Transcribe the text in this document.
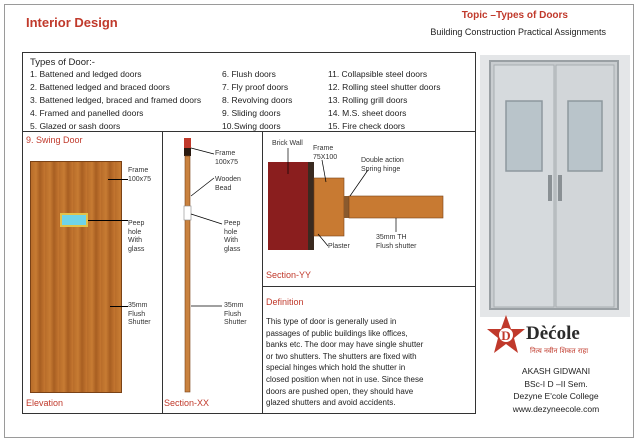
Interior Design	Topic –Types of Doors
Building Construction Practical Assignments
Types of Door:-
1. Battened and ledged doors
2. Battened ledged and braced doors
3. Battened ledged, braced and framed doors
4. Framed and panelled doors
5. Glazed or sash doors
6. Flush doors
7. Fly proof doors
8. Revolving doors
9. Sliding doors
10.Swing doors
11. Collapsible steel doors
12. Rolling steel shutter doors
13. Rolling grill doors
14. M.S. sheet doors
15. Fire check doors
9. Swing Door
Frame
100x75
Peep
hole
With
glass
35mm
Flush
Shutter
Elevation
Frame
100x75
Wooden
Bead
Peep
hole
With
glass
35mm
Flush
Shutter
Section-XX
Brick Wall
Frame
75X100	Double action
Spring hinge
Plaster
35mm TH
Flush shutter
Section-YY
Definition
This type of door is generally used in
passages of public buildings like offices,
banks etc. The door may have single shutter
or two shutters. The shutters are fixed with
special hinges which hold the shutter in
closed position when not in use. Since these
doors are pushed open, they should have
glazed shutters and avoid accidents.
D Dèćole
नित्य नवीन शिकत राहा
AKASH GIDWANI
BSc-I D –II Sem.
Dezyne E'cole College
www.dezyneecole.com
